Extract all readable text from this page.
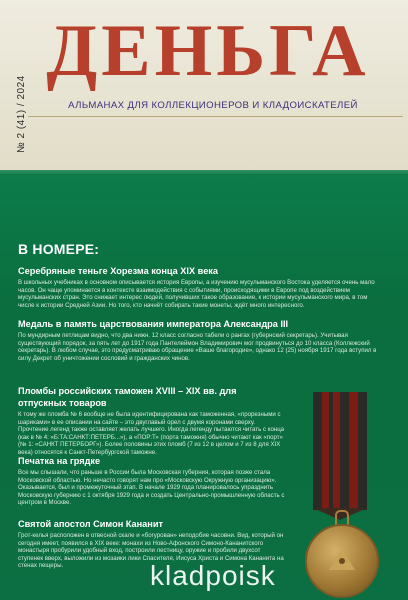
№ 2 (41) / 2024
ДЕНЬГА
АЛЬМАНАХ ДЛЯ КОЛЛЕКЦИОНЕРОВ И КЛАДОИСКАТЕЛЕЙ
В НОМЕРЕ:
Серебряные теньге Хорезма конца XIX века

В школьных учебниках в основном описывается история Европы, а изучению мусульманского Востока уделяется очень мало часов. Он чаще упоминается в контексте взаимодействия с событиями, происходящими в Европе под воздействием мусульманских стран. Это снижает интерес людей, получивших такое образование, к истории мусульманского мира, в том числе к истории Средней Азии. Но того, кто начнёт собирать такие монеты, ждёт много интересного.

Медаль в память царствования императора Александра III

По мундирным петлицам видно, что два нижн. 12 класс согласно табели о рангах (губернский секретарь). Учитывая существующий порядок, за пять лет до 1917 года Пантелеймон Владимирович мог продвинуться до 10 класса (Коллежский секретарь). В любом случае, это предусматриваю обращение «Ваше благородие», однако 12 (25) ноября 1917 года вступил в силу Декрет об уничтожении сословий и гражданских чинов.

Пломбы российских таможен XVIII – XIX вв. для отпускных товаров

К тому же пломба № 6 вообще не была идентифицирована как таможенная, «прорезными с шариками» в ее описании на сайте – это двуглавый орел с двумя коронами сверху. Прочтение легенд также оставляет желать лучшего. Иногда легенду пытаются читать с конца (как в № 4: «Б:ТА:САНКТ:ПЕТЕРБ...»), а «ПОР:Т» (порта таможня) обычно читают как «порт» (№ 1: «САНКТ ПЕТЕРБОРГ»). Более половины этих пломб (7 из 12 в целом и 7 из 8 для XIX века) относятся к Санкт-Петербургской таможне.

Печатка на грядке

Все мы слышали, что раньше в России была Московская губерния, которая позже стала Московской областью. Но нечасто говорят нам про «Московскую Окружную организацию». Оказывается, был и промежуточный этап. В начале 1929 года планировалось упразднить Московскую губернию с 1 октября 1929 года и создать Центрально-промышленную область с центром в Москве.

Святой апостол Симон Кананит

Грот-келья расположен в отвесной скале и «богурован» неподобие часовни. Вид, который он сегодня имеет, появился в XIX веке: монахи из Ново-Афонского Симоно-Кананитского монастыря пробурили удобный вход, построили лестницу, оружие и пробили двухсот ступенек вверх, выложили из мозаики лики Спасителя, Иисуса Христа и Симона Кананита на стенах пещеры.	kladpoisk
